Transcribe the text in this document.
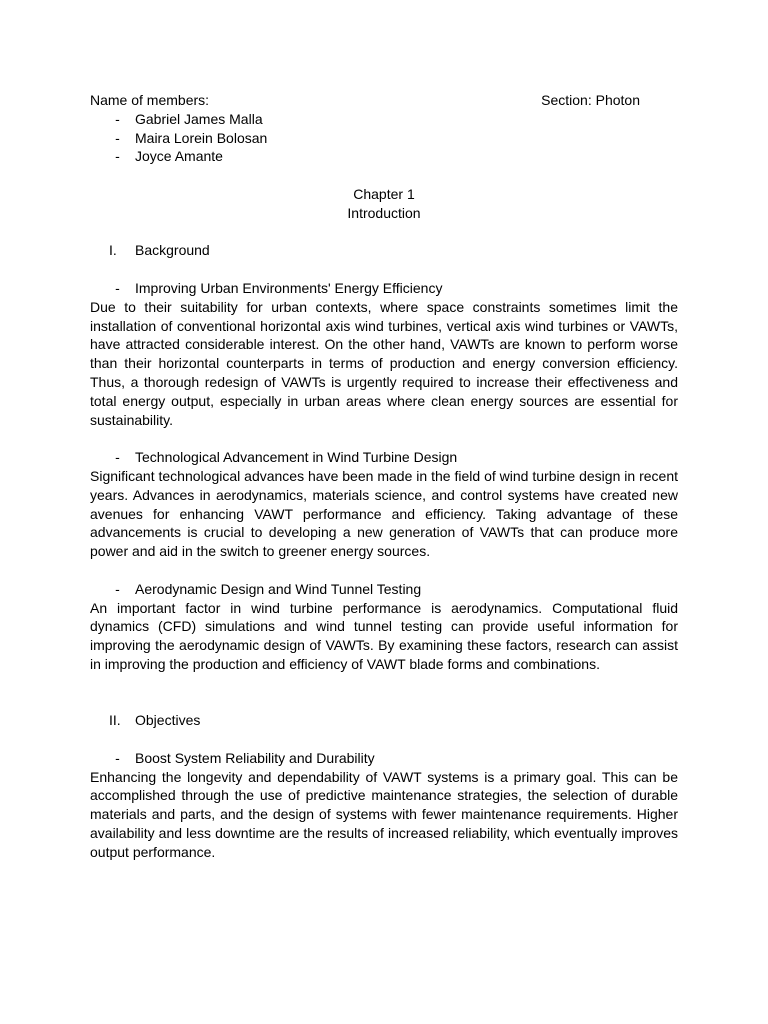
Name of members:	Section: Photon
-	Gabriel James Malla
-	Maira Lorein Bolosan
-	Joyce Amante
Chapter 1
Introduction
I.	Background
-	Improving Urban Environments' Energy Efficiency
Due to their suitability for urban contexts, where space constraints sometimes limit the installation of conventional horizontal axis wind turbines, vertical axis wind turbines or VAWTs, have attracted considerable interest. On the other hand, VAWTs are known to perform worse than their horizontal counterparts in terms of production and energy conversion efficiency. Thus, a thorough redesign of VAWTs is urgently required to increase their effectiveness and total energy output, especially in urban areas where clean energy sources are essential for sustainability.
-	Technological Advancement in Wind Turbine Design
Significant technological advances have been made in the field of wind turbine design in recent years. Advances in aerodynamics, materials science, and control systems have created new avenues for enhancing VAWT performance and efficiency. Taking advantage of these advancements is crucial to developing a new generation of VAWTs that can produce more power and aid in the switch to greener energy sources.
-	Aerodynamic Design and Wind Tunnel Testing
An important factor in wind turbine performance is aerodynamics. Computational fluid dynamics (CFD) simulations and wind tunnel testing can provide useful information for improving the aerodynamic design of VAWTs. By examining these factors, research can assist in improving the production and efficiency of VAWT blade forms and combinations.
II.	Objectives
-	Boost System Reliability and Durability
Enhancing the longevity and dependability of VAWT systems is a primary goal. This can be accomplished through the use of predictive maintenance strategies, the selection of durable materials and parts, and the design of systems with fewer maintenance requirements. Higher availability and less downtime are the results of increased reliability, which eventually improves output performance.
